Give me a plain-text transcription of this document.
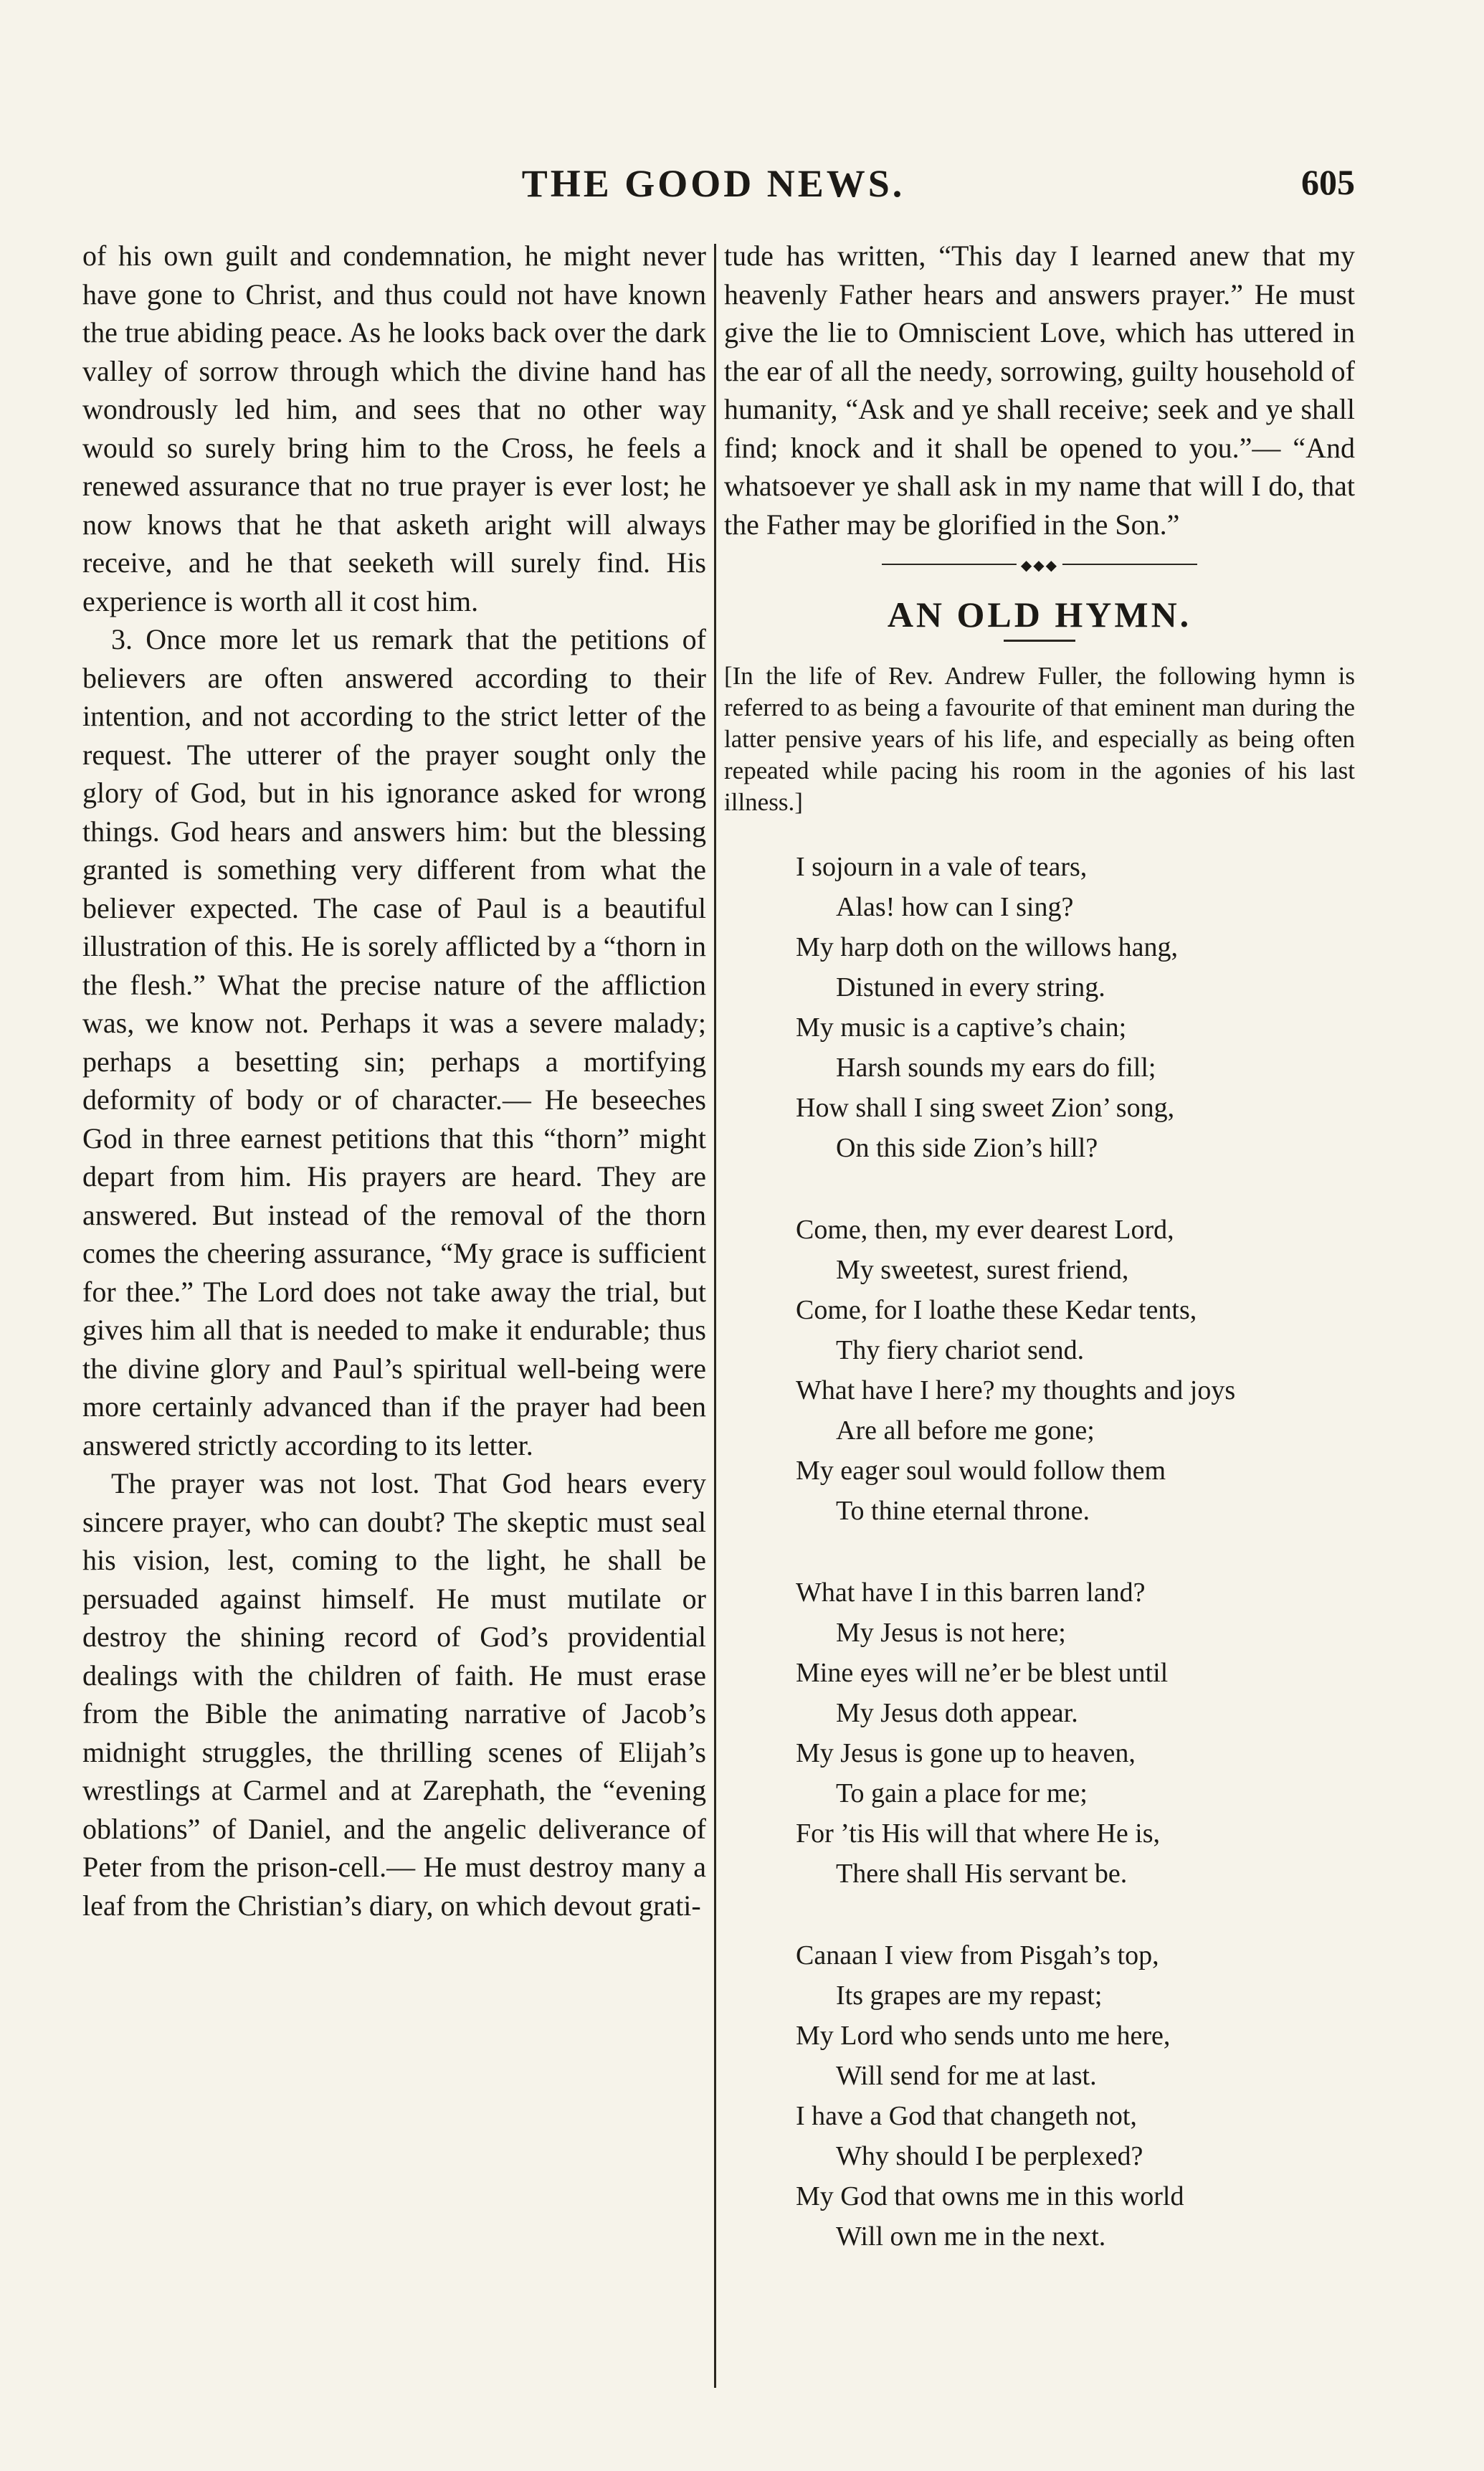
THE GOOD NEWS.	605

of his own guilt and condemnation, he might never have gone to Christ, and thus could not have known the true abiding peace. As he looks back over the dark valley of sorrow through which the divine hand has wondrously led him, and sees that no other way would so surely bring him to the Cross, he feels a renewed assurance that no true prayer is ever lost; he now knows that he that asketh aright will always receive, and he that seeketh will surely find. His experience is worth all it cost him.

3. Once more let us remark that the petitions of believers are often answered according to their intention, and not according to the strict letter of the request. The utterer of the prayer sought only the glory of God, but in his ignorance asked for wrong things. God hears and answers him: but the blessing granted is something very different from what the believer expected. The case of Paul is a beautiful illustration of this. He is sorely afflicted by a “thorn in the flesh.” What the precise nature of the affliction was, we know not. Perhaps it was a severe malady; perhaps a besetting sin; perhaps a mortifying deformity of body or of character.— He beseeches God in three earnest petitions that this “thorn” might depart from him. His prayers are heard. They are answered. But instead of the removal of the thorn comes the cheering assurance, “My grace is sufficient for thee.” The Lord does not take away the trial, but gives him all that is needed to make it endurable; thus the divine glory and Paul’s spiritual well-being were more certainly advanced than if the prayer had been answered strictly according to its letter.

The prayer was not lost. That God hears every sincere prayer, who can doubt? The skeptic must seal his vision, lest, coming to the light, he shall be persuaded against himself. He must mutilate or destroy the shining record of God’s providential dealings with the children of faith. He must erase from the Bible the animating narrative of Jacob’s midnight struggles, the thrilling scenes of Elijah’s wrestlings at Carmel and at Zarephath, the “evening oblations” of Daniel, and the angelic deliverance of Peter from the prison-cell.— He must destroy many a leaf from the Christian’s diary, on which devout grati-

tude has written, “This day I learned anew that my heavenly Father hears and answers prayer.” He must give the lie to Omniscient Love, which has uttered in the ear of all the needy, sorrowing, guilty household of humanity, “Ask and ye shall receive; seek and ye shall find; knock and it shall be opened to you.”— “And whatsoever ye shall ask in my name that will I do, that the Father may be glorified in the Son.”

◆◆◆
AN OLD HYMN.

[In the life of Rev. Andrew Fuller, the following hymn is referred to as being a favourite of that eminent man during the latter pensive years of his life, and especially as being often repeated while pacing his room in the agonies of his last illness.]

I sojourn in a vale of tears,
Alas! how can I sing?
My harp doth on the willows hang,
Distuned in every string.
My music is a captive’s chain;
Harsh sounds my ears do fill;
How shall I sing sweet Zion’ song,
On this side Zion’s hill?
Come, then, my ever dearest Lord,
My sweetest, surest friend,
Come, for I loathe these Kedar tents,
Thy fiery chariot send.
What have I here? my thoughts and joys
Are all before me gone;
My eager soul would follow them
To thine eternal throne.
What have I in this barren land?
My Jesus is not here;
Mine eyes will ne’er be blest until
My Jesus doth appear.
My Jesus is gone up to heaven,
To gain a place for me;
For ’tis His will that where He is,
There shall His servant be.
Canaan I view from Pisgah’s top,
Its grapes are my repast;
My Lord who sends unto me here,
Will send for me at last.
I have a God that changeth not,
Why should I be perplexed?
My God that owns me in this world
Will own me in the next.
